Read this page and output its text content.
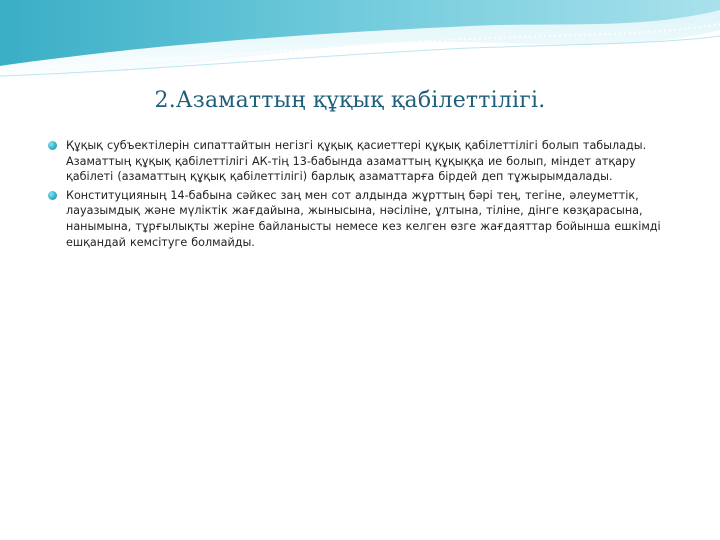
2.Азаматтың құқық қабілеттілігі.
Құқық субъектілерін сипаттайтын негізгі құқық қасиеттері құқық қабілеттілігі болып табылады. Азаматтың құқық қабілеттілігі АК-тің 13-бабында азаматтың құқыққа ие болып, міндет атқару қабілеті (азаматтың құқық қабілеттілігі) барлық азаматтарға бірдей деп тұжырымдалады.
Конституцияның 14-бабына сәйкес заң мен сот алдында жұрттың бәрі тең, тегіне, әлеуметтік, лауазымдық және мүліктік жағдайына, жынысына, нәсіліне, ұлтына, тіліне, дінге көзқарасына, нанымына, тұрғылықты жеріне байланысты немесе кез келген өзге жағдаяттар бойынша ешкімді ешқандай кемсітуге болмайды.
